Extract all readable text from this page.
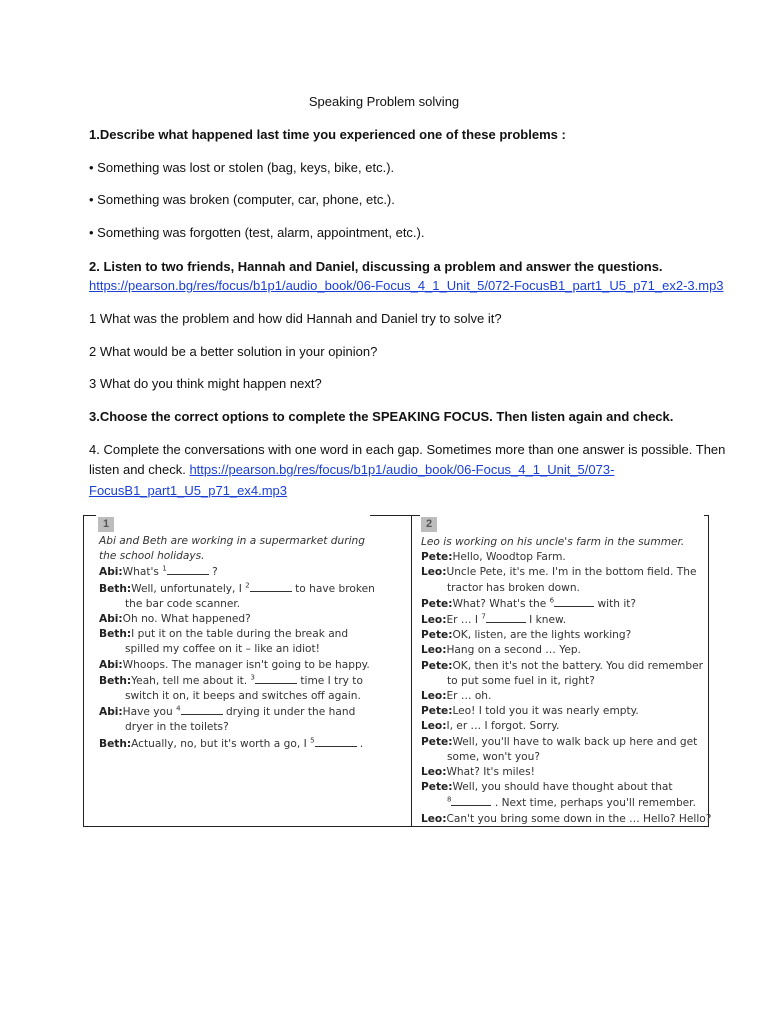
Speaking Problem solving
1.Describe what happened last time you experienced one of these problems :
• Something was lost or stolen (bag, keys, bike, etc.).
• Something was broken (computer, car, phone, etc.).
• Something was forgotten (test, alarm, appointment, etc.).
2. Listen to two friends, Hannah and Daniel, discussing a problem and answer the questions.
https://pearson.bg/res/focus/b1p1/audio_book/06-Focus_4_1_Unit_5/072-FocusB1_part1_U5_p71_ex2-3.mp3
1 What was the problem and how did Hannah and Daniel try to solve it?
2 What would be a better solution in your opinion?
3 What do you think might happen next?
3.Choose the correct options to complete the SPEAKING FOCUS. Then listen again and check.
4. Complete the conversations with one word in each gap. Sometimes more than one answer is possible. Then
listen and check. https://pearson.bg/res/focus/b1p1/audio_book/06-Focus_4_1_Unit_5/073-
FocusB1_part1_U5_p71_ex4.mp3
1
Abi and Beth are working in a supermarket during
the school holidays.
Abi:What's $^1$	?
Beth:Well, unfortunately, I $^2$	to have broken
the bar code scanner.
Abi:Oh no. What happened?
Beth:I put it on the table during the break and
spilled my coffee on it – like an idiot!
Abi:Whoops. The manager isn't going to be happy.
Beth:Yeah, tell me about it. $^3$	time I try to
switch it on, it beeps and switches off again.
Abi:Have you $^4$	drying it under the hand
dryer in the toilets?
Beth:Actually, no, but it's worth a go, I $^5$	.
2
Leo is working on his uncle's farm in the summer.
Pete:Hello, Woodtop Farm.
Leo:Uncle Pete, it's me. I'm in the bottom field. The
tractor has broken down.
Pete:What? What's the $^6$	with it?
Leo:Er … I $^7$	I knew.
Pete:OK, listen, are the lights working?
Leo:Hang on a second … Yep.
Pete:OK, then it's not the battery. You did remember
to put some fuel in it, right?
Leo:Er … oh.
Pete:Leo! I told you it was nearly empty.
Leo:I, er … I forgot. Sorry.
Pete:Well, you'll have to walk back up here and get
some, won't you?
Leo:What? It's miles!
Pete:Well, you should have thought about that
$^8$	. Next time, perhaps you'll remember.
Leo:Can't you bring some down in the … Hello? Hello?
